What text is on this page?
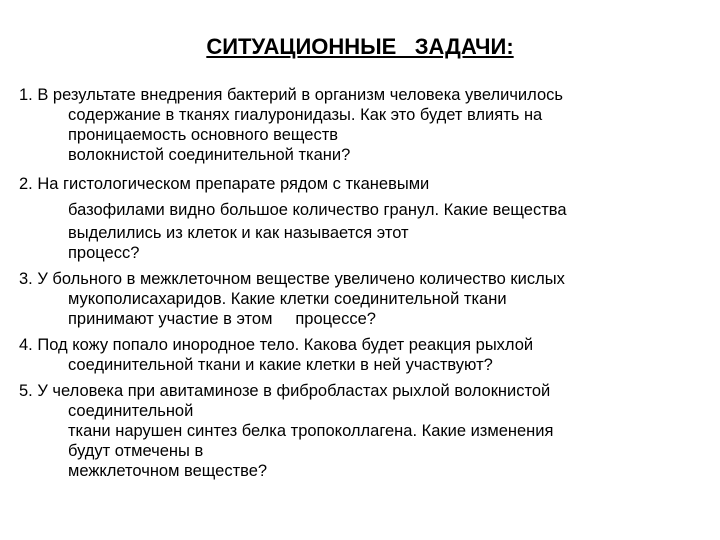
СИТУАЦИОННЫЕ   ЗАДАЧИ:
1. В результате внедрения бактерий в организм человека увеличилось
содержание в тканях гиалуронидазы. Как это будет влиять на
проницаемость основного веществ
волокнистой соединительной ткани?
2. На гистологическом препарате рядом с тканевыми
базофилами видно большое количество гранул. Какие вещества
выделились из клеток и как называется этот
процесс?
3. У больного в межклеточном веществе увеличено количество кислых
мукополисахаридов. Какие клетки соединительной ткани
принимают участие в этом     процессе?
4. Под кожу попало инородное тело. Какова будет реакция рыхлой
соединительной ткани и какие клетки в ней участвуют?
5. У человека при авитаминозе в фибробластах рыхлой волокнистой
соединительной
ткани нарушен синтез белка тропоколлагена. Какие изменения
будут отмечены в
межклеточном веществе?
